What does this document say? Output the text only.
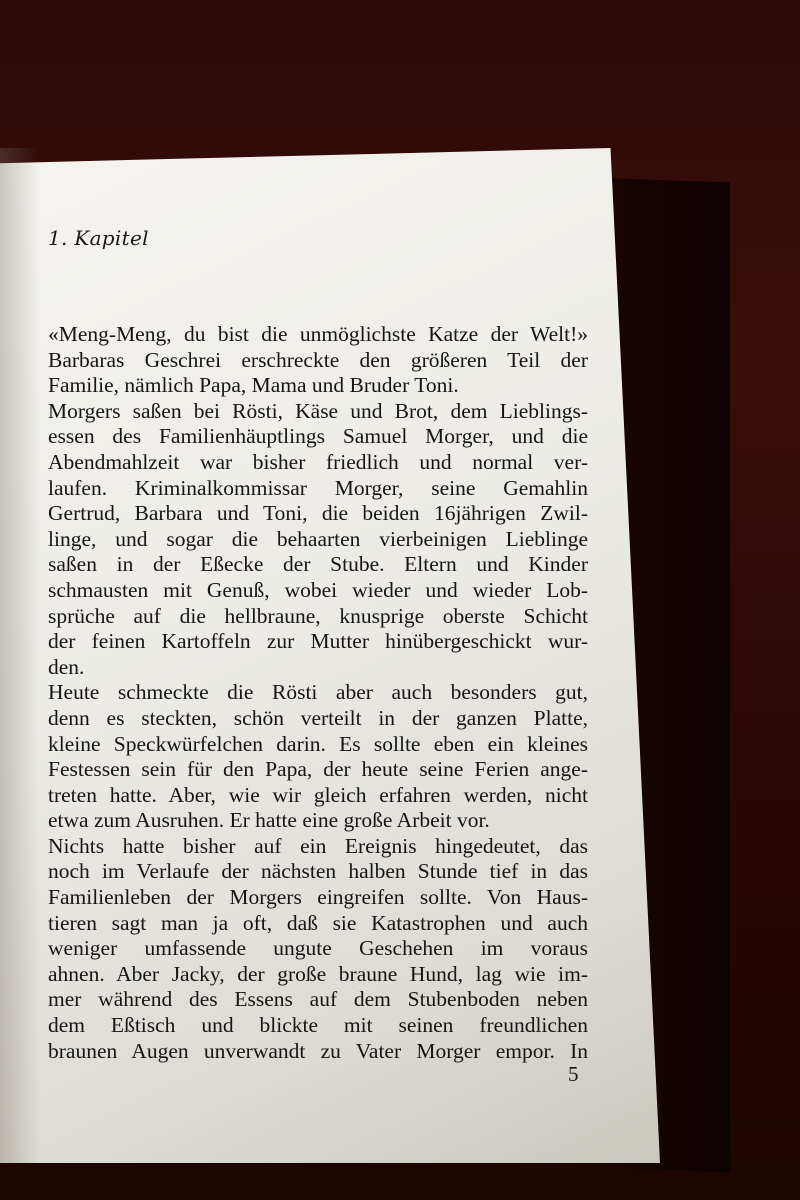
1. Kapitel
«Meng-Meng, du bist die unmöglichste Katze der Welt!»
Barbaras Geschrei erschreckte den größeren Teil der
Familie, nämlich Papa, Mama und Bruder Toni.
Morgers saßen bei Rösti, Käse und Brot, dem Lieblings-
essen des Familienhäuptlings Samuel Morger, und die
Abendmahlzeit war bisher friedlich und normal ver-
laufen. Kriminalkommissar Morger, seine Gemahlin
Gertrud, Barbara und Toni, die beiden 16jährigen Zwil-
linge, und sogar die behaarten vierbeinigen Lieblinge
saßen in der Eßecke der Stube. Eltern und Kinder
schmausten mit Genuß, wobei wieder und wieder Lob-
sprüche auf die hellbraune, knusprige oberste Schicht
der feinen Kartoffeln zur Mutter hinübergeschickt wur-
den.
Heute schmeckte die Rösti aber auch besonders gut,
denn es steckten, schön verteilt in der ganzen Platte,
kleine Speckwürfelchen darin. Es sollte eben ein kleines
Festessen sein für den Papa, der heute seine Ferien ange-
treten hatte. Aber, wie wir gleich erfahren werden, nicht
etwa zum Ausruhen. Er hatte eine große Arbeit vor.
Nichts hatte bisher auf ein Ereignis hingedeutet, das
noch im Verlaufe der nächsten halben Stunde tief in das
Familienleben der Morgers eingreifen sollte. Von Haus-
tieren sagt man ja oft, daß sie Katastrophen und auch
weniger umfassende ungute Geschehen im voraus
ahnen. Aber Jacky, der große braune Hund, lag wie im-
mer während des Essens auf dem Stubenboden neben
dem Eßtisch und blickte mit seinen freundlichen
braunen Augen unverwandt zu Vater Morger empor. In
5
